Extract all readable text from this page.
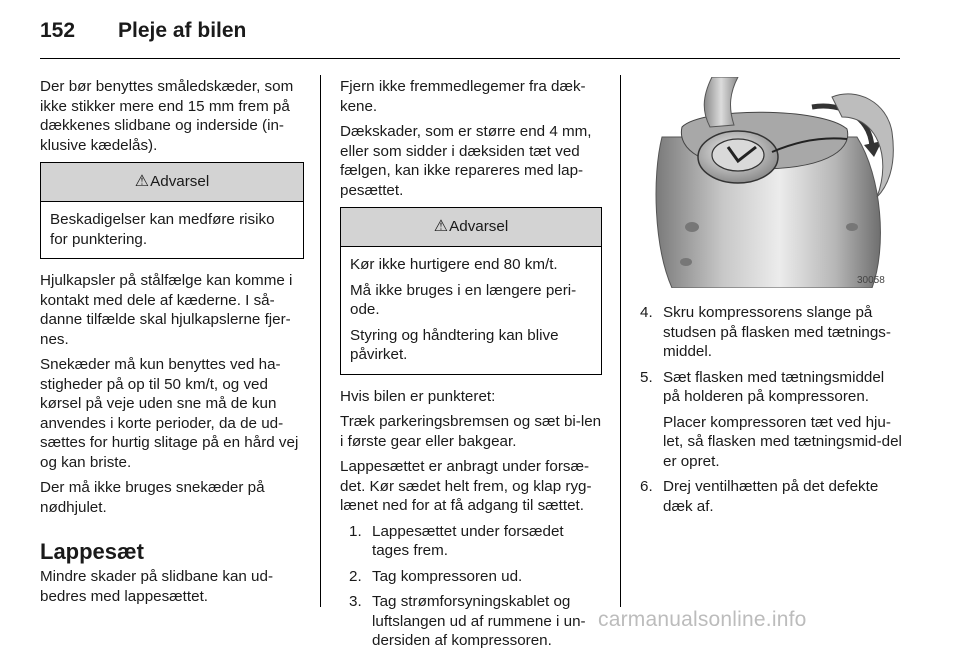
152 Pleje af bilen

Der bør benyttes småledskæder, som ikke stikker mere end 15 mm frem på dækkenes slidbane og inderside (in-klusive kædelås).

⚠ Advarsel

Beskadigelser kan medføre risiko for punktering.

Hjulkapsler på stålfælge kan komme i kontakt med dele af kæderne. I så-danne tilfælde skal hjulkapslerne fjer-nes.

Snekæder må kun benyttes ved ha-stigheder på op til 50 km/t, og ved kørsel på veje uden sne må de kun anvendes i korte perioder, da de ud-sættes for hurtig slitage på en hård vej og kan briste.

Der må ikke bruges snekæder på nødhjulet.

Lappesæt

Mindre skader på slidbane kan ud-bedres med lappesættet.

Fjern ikke fremmedlegemer fra dæk-kene.

Dækskader, som er større end 4 mm, eller som sidder i dæksiden tæt ved fælgen, kan ikke repareres med lap-pesættet.

⚠ Advarsel

Kør ikke hurtigere end 80 km/t.

Må ikke bruges i en længere peri-ode.

Styring og håndtering kan blive påvirket.

Hvis bilen er punkteret:

Træk parkeringsbremsen og sæt bi-len i første gear eller bakgear.

Lappesættet er anbragt under forsæ-det. Kør sædet helt frem, og klap ryg-lænet ned for at få adgang til sættet.

1. Lappesættet under forsædet tages frem.
2. Tag kompressoren ud.
3. Tag strømforsyningskablet og luftslangen ud af rummene i un-dersiden af kompressoren.
30058
4. Skru kompressorens slange på studsen på flasken med tætnings-middel.
5. Sæt flasken med tætningsmiddel på holderen på kompressoren.

Placer kompressoren tæt ved hju-let, så flasken med tætningsmid-del er opret.

6. Drej ventilhætten på det defekte dæk af.
carmanualsonline.info
